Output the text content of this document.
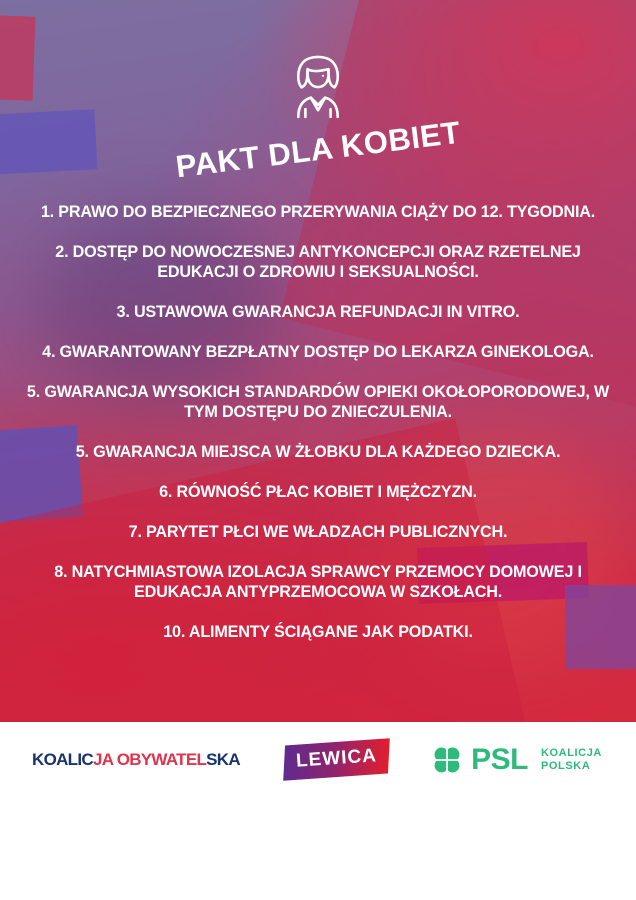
PAKT DLA KOBIET
1. PRAWO DO BEZPIECZNEGO PRZERYWANIA CIĄŻY DO 12. TYGODNIA.
2. DOSTĘP DO NOWOCZESNEJ ANTYKONCEPCJI ORAZ RZETELNEJ EDUKACJI O ZDROWIU I SEKSUALNOŚCI.
3. USTAWOWA GWARANCJA REFUNDACJI IN VITRO.
4. GWARANTOWANY BEZPŁATNY DOSTĘP DO LEKARZA GINEKOLOGA.
5. GWARANCJA WYSOKICH STANDARDÓW OPIEKI OKOŁOPORODOWEJ, W TYM DOSTĘPU DO ZNIECZULENIA.
5. GWARANCJA MIEJSCA W ŻŁOBKU DLA KAŻDEGO DZIECKA.
6. RÓWNOŚĆ PŁAC KOBIET I MĘŻCZYZN.
7. PARYTET PŁCI WE WŁADZACH PUBLICZNYCH.
8. NATYCHMIASTOWA IZOLACJA SPRAWCY PRZEMOCY DOMOWEJ I EDUKACJA ANTYPRZEMOCOWA W SZKOŁACH.
10. ALIMENTY ŚCIĄGANE JAK PODATKI.
KOALICJA OBYWATELSKA	LEWICA	PSL KOALICJA
POLSKA
